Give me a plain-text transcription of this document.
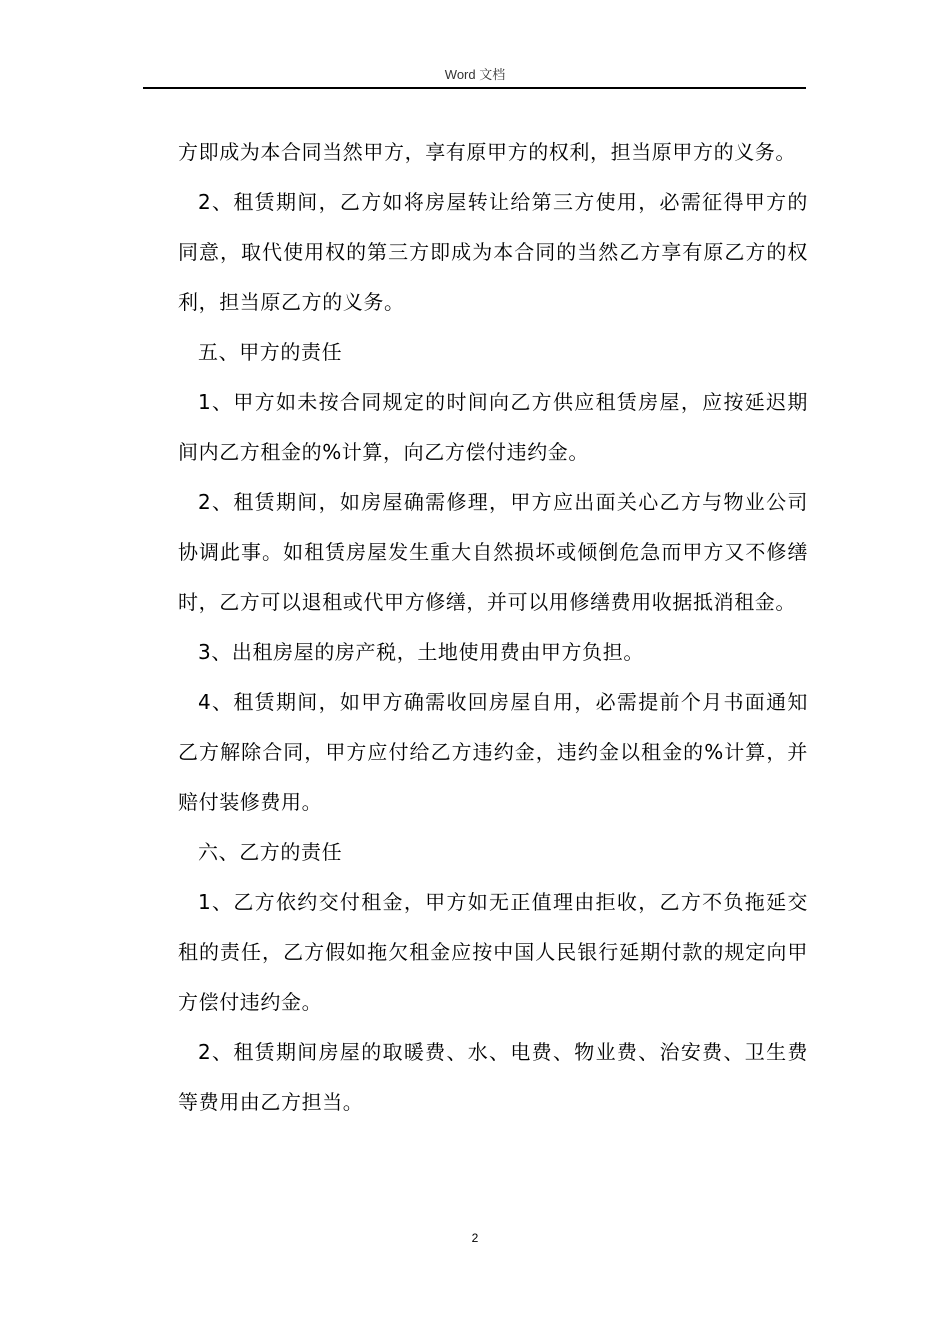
Word 文档

方即成为本合同当然甲方，享有原甲方的权利，担当原甲方的义务。

2、租赁期间，乙方如将房屋转让给第三方使用，必需征得甲方的同意，取代使用权的第三方即成为本合同的当然乙方享有原乙方的权利，担当原乙方的义务。

五、甲方的责任

1、甲方如未按合同规定的时间向乙方供应租赁房屋，应按延迟期间内乙方租金的%计算，向乙方偿付违约金。

2、租赁期间，如房屋确需修理，甲方应出面关心乙方与物业公司协调此事。如租赁房屋发生重大自然损坏或倾倒危急而甲方又不修缮时，乙方可以退租或代甲方修缮，并可以用修缮费用收据抵消租金。

3、出租房屋的房产税，土地使用费由甲方负担。

4、租赁期间，如甲方确需收回房屋自用，必需提前个月书面通知乙方解除合同，甲方应付给乙方违约金，违约金以租金的%计算，并赔付装修费用。

六、乙方的责任

1、乙方依约交付租金，甲方如无正值理由拒收，乙方不负拖延交租的责任，乙方假如拖欠租金应按中国人民银行延期付款的规定向甲方偿付违约金。

2、租赁期间房屋的取暖费、水、电费、物业费、治安费、卫生费等费用由乙方担当。

2
